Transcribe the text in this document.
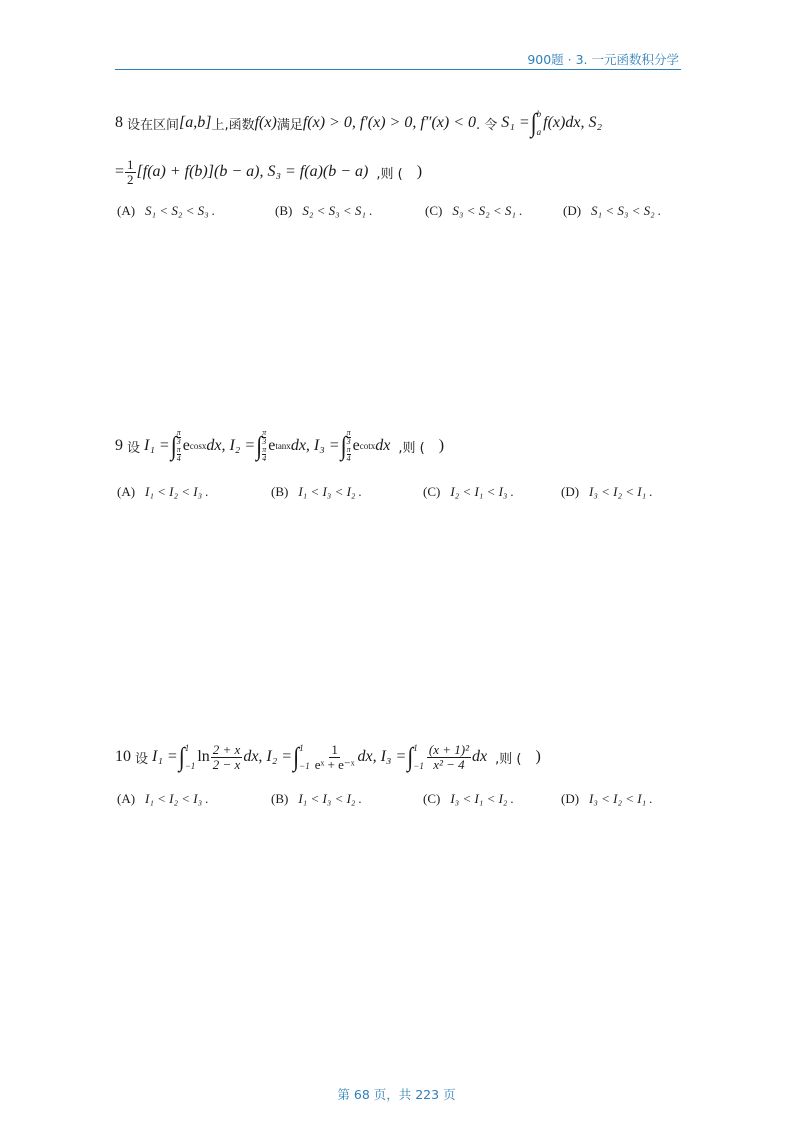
900题 · 3. 一元函数积分学
8
设在区间 [a,b] 上,函数 f(x) 满足 f(x) > 0, f′(x) > 0, f″(x) < 0 . 令
S₁ = ∫ b
a
f(x)dx, S₂
= $\frac{1}{2} [f(a) + f(b)](b - a)$, S₃ = f(a)(b − a) ,则 ( )
(A) S₁ < S₂ < S₃ .	(B) S₂ < S₃ < S₁ .	(C) S₃ < S₂ < S₁ .	(D) S₁ < S₃ < S₂ .
9
设
I₁ = ∫ $\frac{\pi}{3}$
$\frac{\pi}{4}$
e cosx dx, I₂ = ∫ $\frac{\pi}{3}$
$\frac{\pi}{4}$
e tanx dx, I₃ = ∫ $\frac{\pi}{3}$
$\frac{\pi}{4}$
e cotx dx ,则 ( )
(A) I₁ < I₂ < I₃ .	(B) I₁ < I₃ < I₂ .	(C) I₂ < I₁ < I₃ .	(D) I₃ < I₂ < I₁ .
10
设
I₁ = ∫ 1
−1
$\ln \frac{2 + x}{2 - x}$ dx, I₂ = ∫ 1
$-1 \frac{1}{\text{eˣ + e⁻ˣ}}$ dx, I₃ = ∫ 1
$-1 \frac{\text{(x + 1)²}}{\text{x² − 4}}$ dx ,则 ( )
(A) I₁ < I₂ < I₃ .	(B) I₁ < I₃ < I₂ .	(C) I₃ < I₁ < I₂ .	(D) I₃ < I₂ < I₁ .
第 68 页，共 223 页
